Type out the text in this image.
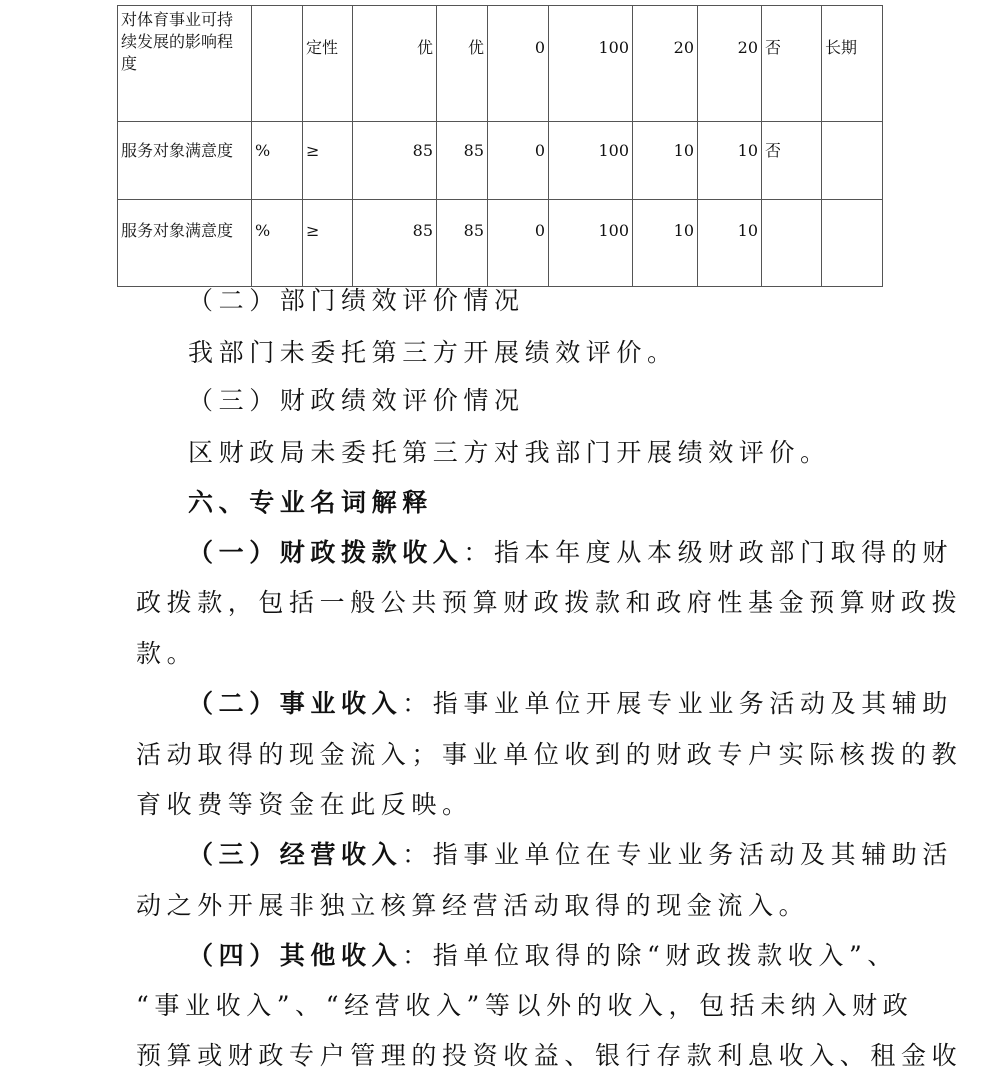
对体育事业可持续发展的影响程度		定性	优	优	0	100	20	20	否	长期
服务对象满意度	%	≥	85	85	0	100	10	10	否	
服务对象满意度	%	≥	85	85	0	100	10	10		

（二）部门绩效评价情况

我部门未委托第三方开展绩效评价。

（三）财政绩效评价情况

区财政局未委托第三方对我部门开展绩效评价。

六、专业名词解释

（一）财政拨款收入：指本年度从本级财政部门取得的财

政拨款，包括一般公共预算财政拨款和政府性基金预算财政拨

款。

（二）事业收入：指事业单位开展专业业务活动及其辅助

活动取得的现金流入；事业单位收到的财政专户实际核拨的教

育收费等资金在此反映。

（三）经营收入：指事业单位在专业业务活动及其辅助活

动之外开展非独立核算经营活动取得的现金流入。

（四）其他收入：指单位取得的除“财政拨款收入”、

“事业收入”、“经营收入”等以外的收入，包括未纳入财政

预算或财政专户管理的投资收益、银行存款利息收入、租金收
